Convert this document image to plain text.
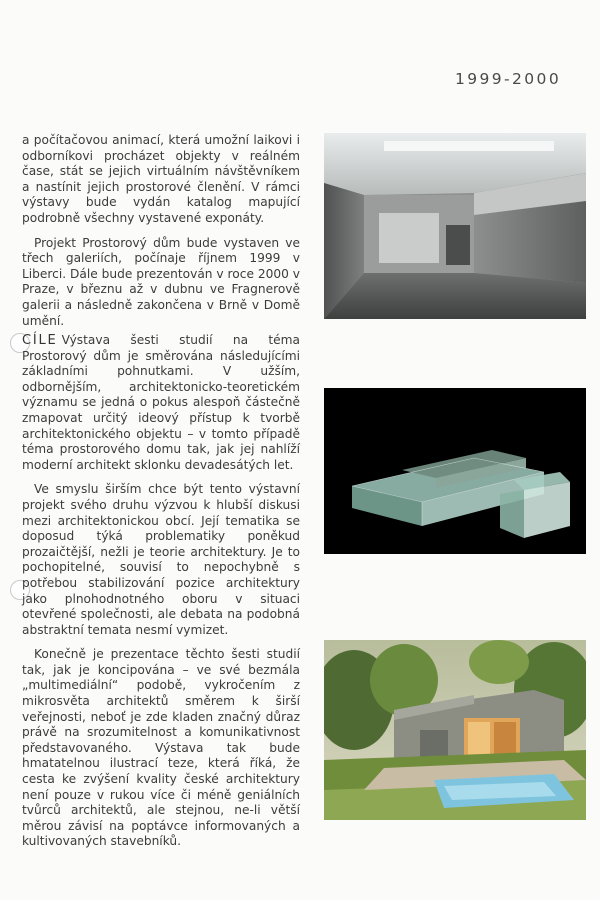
1999-2000

a počítačovou animací, která umožní laikovi i odborníkovi procházet objekty v reálném čase, stát se jejich virtuálním návštěvníkem a nastínit jejich prostorové členění. V rámci výstavy bude vydán katalog mapující podrobně všechny vystavené exponáty.

Projekt Prostorový dům bude vystaven ve třech galeriích, počínaje říjnem 1999 v Liberci. Dále bude prezentován v roce 2000 v Praze, v březnu až v dubnu ve Fragnerově galerii a následně zakončena v Brně v Domě umění.

CÍLE Výstava šesti studií na téma Prostorový dům je směrována následujícími základními pohnutkami. V užším, odbornějším, architektonicko-teoretickém významu se jedná o pokus alespoň částečně zmapovat určitý ideový přístup k tvorbě architektonického objektu – v tomto případě téma prostorového domu tak, jak jej nahlíží moderní architekt sklonku devadesátých let.

Ve smyslu širším chce být tento výstavní projekt svého druhu výzvou k hlubší diskusi mezi architektonickou obcí. Její tematika se doposud týká problematiky poněkud prozaičtější, nežli je teorie architektury. Je to pochopitelné, souvisí to nepochybně s potřebou stabilizování pozice architektury jako plnohodnotného oboru v situaci otevřené společnosti, ale debata na podobná abstraktní temata nesmí vymizet.

Konečně je prezentace těchto šesti studií tak, jak je koncipována – ve své bezmála „multimediální“ podobě, vykročením z mikrosvěta architektů směrem k širší veřejnosti, neboť je zde kladen značný důraz právě na srozumitelnost a komunikativnost představovaného. Výstava tak bude hmatatelnou ilustrací teze, která říká, že cesta ke zvýšení kvality české architektury není pouze v rukou více či méně geniálních tvůrců architektů, ale stejnou, ne-li větší měrou závisí na poptávce informovaných a kultivovaných stavebníků.
